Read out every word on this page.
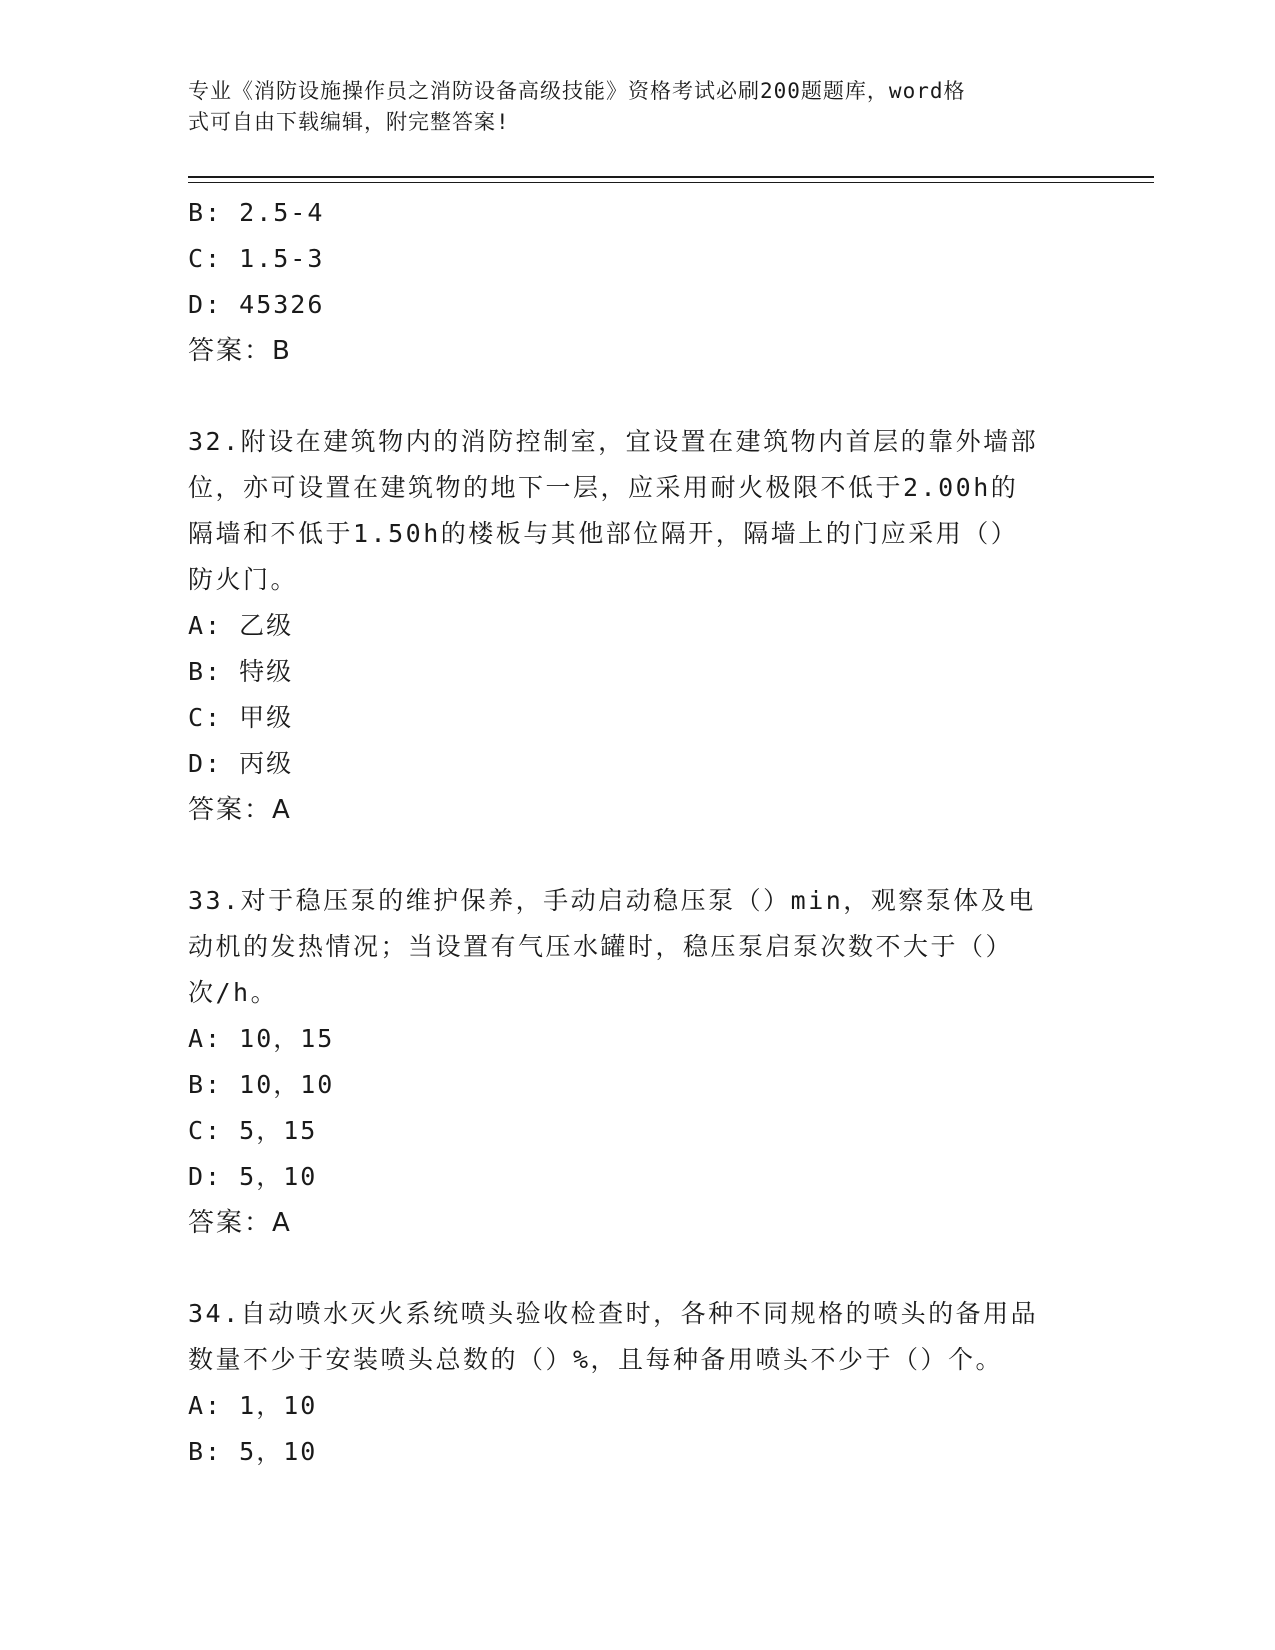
专业《消防设施操作员之消防设备高级技能》资格考试必刷200题题库，word格
式可自由下载编辑，附完整答案!
B: 2.5-4
C: 1.5-3
D: 45326
答案：B
32.附设在建筑物内的消防控制室，宜设置在建筑物内首层的靠外墙部
位，亦可设置在建筑物的地下一层，应采用耐火极限不低于2.00h的
隔墙和不低于1.50h的楼板与其他部位隔开，隔墙上的门应采用（）
防火门。
A: 乙级
B: 特级
C: 甲级
D: 丙级
答案：A
33.对于稳压泵的维护保养，手动启动稳压泵（）min，观察泵体及电
动机的发热情况；当设置有气压水罐时，稳压泵启泵次数不大于（）
次/h。
A: 10，15
B: 10，10
C: 5，15
D: 5，10
答案：A
34.自动喷水灭火系统喷头验收检查时，各种不同规格的喷头的备用品
数量不少于安装喷头总数的（）%，且每种备用喷头不少于（）个。
A: 1，10
B: 5，10
